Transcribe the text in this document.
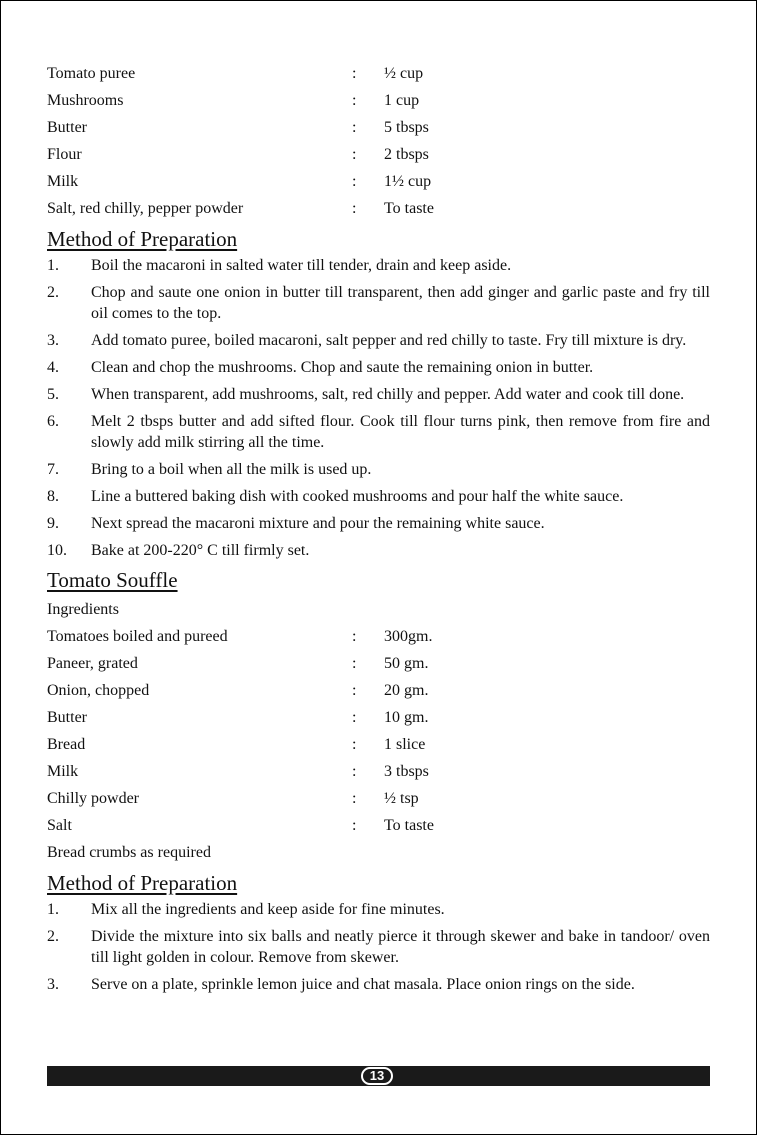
Tomato puree	:	½ cup
Mushrooms	:	1 cup
Butter	:	5 tbsps
Flour	:	2 tbsps
Milk	:	1½ cup
Salt, red chilly, pepper powder	:	To taste
Method of Preparation
1.	Boil the macaroni in salted water till tender, drain and keep aside.
2.	Chop and saute one onion in butter till transparent, then add ginger and garlic paste and fry till oil comes to the top.
3.	Add tomato puree, boiled macaroni, salt pepper and red chilly to taste. Fry till mixture is dry.
4.	Clean and chop the mushrooms. Chop and saute the remaining onion in butter.
5.	When transparent, add mushrooms, salt, red chilly and pepper. Add water and cook till done.
6.	Melt 2 tbsps butter and add sifted flour. Cook till flour turns pink, then remove from fire and slowly add milk stirring all the time.
7.	Bring to a boil when all the milk is used up.
8.	Line a buttered baking dish with cooked mushrooms and pour half the white sauce.
9.	Next spread the macaroni mixture and pour the remaining white sauce.
10.	Bake at 200-220° C till firmly set.
Tomato Souffle
Ingredients
Tomatoes boiled and pureed	:	300gm.
Paneer, grated	:	50 gm.
Onion, chopped	:	20 gm.
Butter	:	10 gm.
Bread	:	1 slice
Milk	:	3 tbsps
Chilly powder	:	½ tsp
Salt	:	To taste
Bread crumbs as required
Method of Preparation
1.	Mix all the ingredients and keep aside for fine minutes.
2.	Divide the mixture into six balls and neatly pierce it through skewer and bake in tandoor/ oven till light golden in colour. Remove from skewer.
3.	Serve on a plate, sprinkle lemon juice and chat masala. Place onion rings on the side.
13
